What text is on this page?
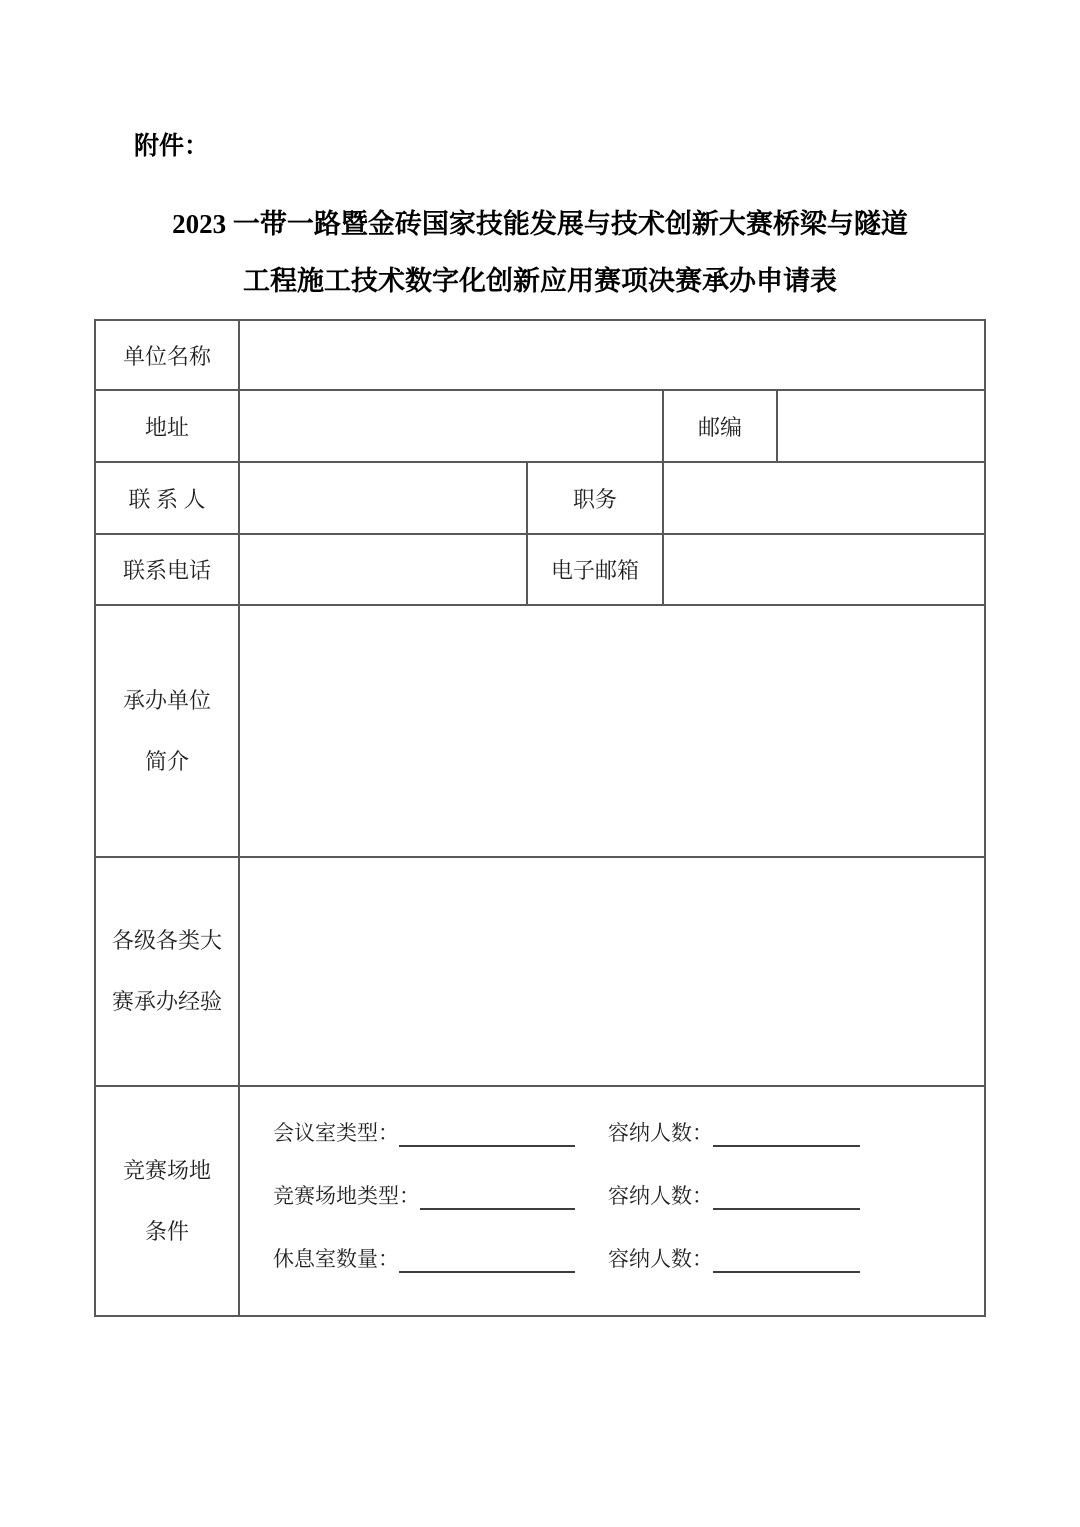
附件：
2023 一带一路暨金砖国家技能发展与技术创新大赛桥梁与隧道
工程施工技术数字化创新应用赛项决赛承办申请表
单位名称				
地址			邮编	
联 系 人		职务		
联系电话		电子邮箱		

承办单位
简介				

各级各类大
赛承办经验				

竞赛场地
条件

会议室类型：	容纳人数：
竞赛场地类型：	容纳人数：
休息室数量：	容纳人数：
